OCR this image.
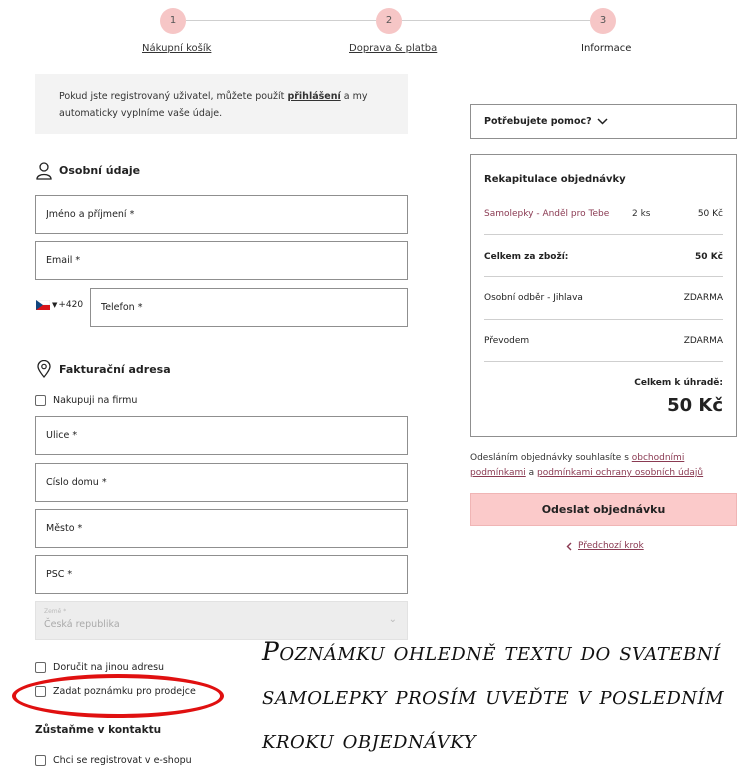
1	2	3
Nákupní košík	Doprava & platba	Informace
Pokud jste registrovaný uživatel, můžete použít přihlášení a my automaticky vyplníme vaše údaje.
Osobní údaje
Jméno a příjmení *
Email *
▼ +420
Telefon *
Fakturační adresa
Nakupuji na firmu
Ulice *
Číslo domu *
Město *
PSČ *
Země *
Česká republika	⌄
Doručit na jinou adresu
Zadat poznámku pro prodejce
Zůstaňme v kontaktu
Chci se registrovat v e-shopu
Potřebujete pomoc?
Rekapitulace objednávky
Samolepky - Anděl pro Tebe	2 ks	50 Kč
Celkem za zboží:	50 Kč
Osobní odběr - Jihlava	ZDARMA
Převodem	ZDARMA
Celkem k úhradě:
50 Kč
Odesláním objednávky souhlasíte s obchodními podmínkami a podmínkami ochrany osobních údajů
Odeslat objednávku
Předchozí krok
Poznámku ohledně textu do svatební
samolepky prosím uveďte v posledním
kroku objednávky
